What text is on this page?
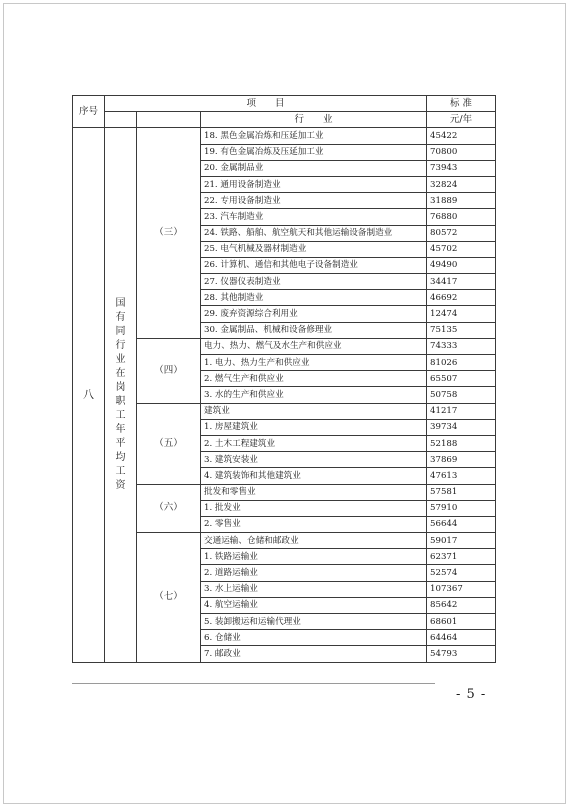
序号	项　　目			标 准
			行　　业	元/年
八	国有同行业在岗职工年平均工资	（三）	18. 黑色金属冶炼和压延加工业	45422
			19. 有色金属冶炼及压延加工业	70800
			20. 金属制品业	73943
			21. 通用设备制造业	32824
			22. 专用设备制造业	31889
			23. 汽车制造业	76880
			24. 铁路、船舶、航空航天和其他运输设备制造业	80572
			25. 电气机械及器材制造业	45702
			26. 计算机、通信和其他电子设备制造业	49490
			27. 仪器仪表制造业	34417
			28. 其他制造业	46692
			29. 废弃资源综合利用业	12474
			30. 金属制品、机械和设备修理业	75135
		（四）	电力、热力、燃气及水生产和供应业	74333
			1. 电力、热力生产和供应业	81026
			2. 燃气生产和供应业	65507
			3. 水的生产和供应业	50758
		（五）	建筑业	41217
			1. 房屋建筑业	39734
			2. 土木工程建筑业	52188
			3. 建筑安装业	37869
			4. 建筑装饰和其他建筑业	47613
		（六）	批发和零售业	57581
			1. 批发业	57910
			2. 零售业	56644
		（七）	交通运输、仓储和邮政业	59017
			1. 铁路运输业	62371
			2. 道路运输业	52574
			3. 水上运输业	107367
			4. 航空运输业	85642
			5. 装卸搬运和运输代理业	68601
			6. 仓储业	64464
			7. 邮政业	54793
- 5 -
